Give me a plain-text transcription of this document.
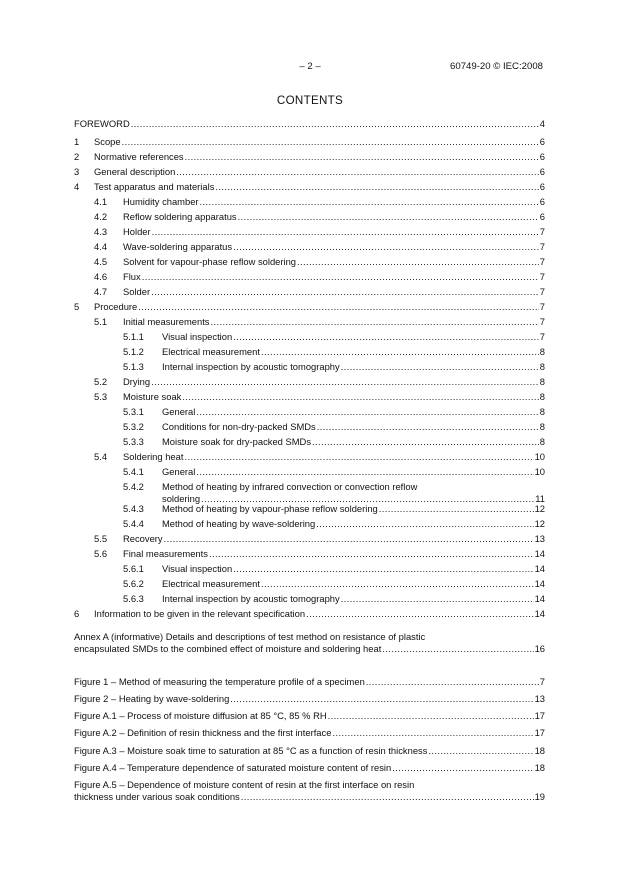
– 2 –	60749-20 © IEC:2008
CONTENTS
FOREWORD .....	4
1	Scope .....	6
2	Normative references .....	6
3	General description .....	6
4	Test apparatus and materials .....	6
4.1	Humidity chamber .....	6
4.2	Reflow soldering apparatus .....	6
4.3	Holder .....	7
4.4	Wave-soldering apparatus .....	7
4.5	Solvent for vapour-phase reflow soldering .....	7
4.6	Flux .....	7
4.7	Solder .....	7
5	Procedure .....	7
5.1	Initial measurements .....	7
5.1.1	Visual inspection .....	7
5.1.2	Electrical measurement .....	8
5.1.3	Internal inspection by acoustic tomography .....	8
5.2	Drying .....	8
5.3	Moisture soak .....	8
5.3.1	General .....	8
5.3.2	Conditions for non-dry-packed SMDs .....	8
5.3.3	Moisture soak for dry-packed SMDs .....	8
5.4	Soldering heat .....	10
5.4.1	General .....	10
5.4.2 Method of heating by infrared convection or convection reflow
soldering .....	11
5.4.3	Method of heating by vapour-phase reflow soldering .....	12
5.4.4	Method of heating by wave-soldering .....	12
5.5	Recovery .....	13
5.6	Final measurements .....	14
5.6.1	Visual inspection .....	14
5.6.2	Electrical measurement .....	14
5.6.3	Internal inspection by acoustic tomography .....	14
6	Information to be given in the relevant specification .....	14
Annex A (informative) Details and descriptions of test method on resistance of plastic
encapsulated SMDs to the combined effect of moisture and soldering heat .....	16
Figure 1 – Method of measuring the temperature profile of a specimen .....	7
Figure 2 – Heating by wave-soldering .....	13
Figure A.1 – Process of moisture diffusion at 85 °C, 85 % RH .....	17
Figure A.2 – Definition of resin thickness and the first interface .....	17
Figure A.3 – Moisture soak time to saturation at 85 °C as a function of resin thickness .....	18
Figure A.4 – Temperature dependence of saturated moisture content of resin .....	18
Figure A.5 – Dependence of moisture content of resin at the first interface on resin
thickness under various soak conditions .....	19
